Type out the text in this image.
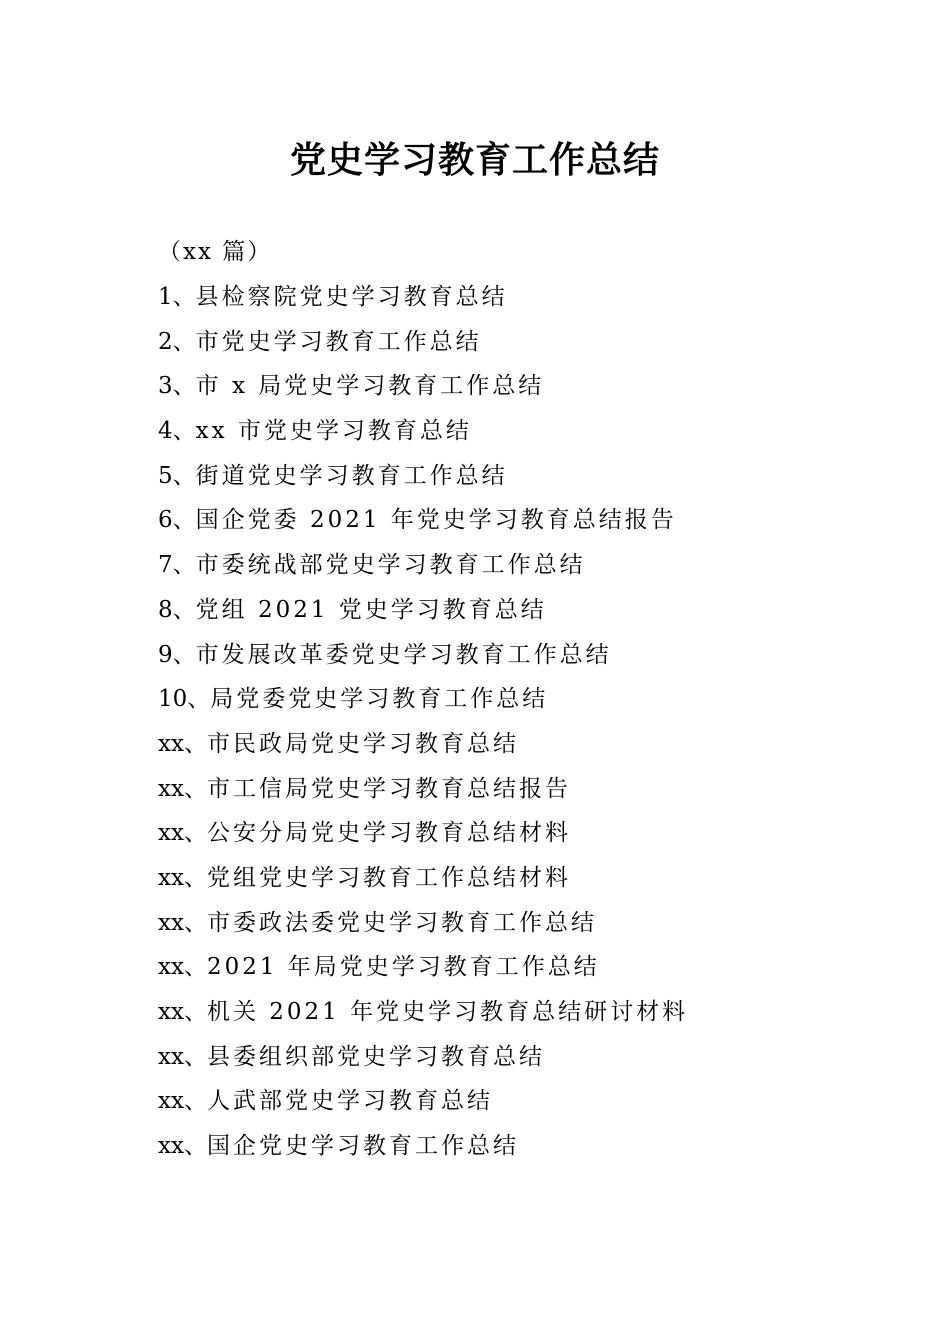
党史学习教育工作总结

（xx 篇）

1、县检察院党史学习教育总结
2、市党史学习教育工作总结
3、市 x 局党史学习教育工作总结
4、xx 市党史学习教育总结
5、街道党史学习教育工作总结
6、国企党委 2021 年党史学习教育总结报告
7、市委统战部党史学习教育工作总结
8、党组 2021 党史学习教育总结
9、市发展改革委党史学习教育工作总结
10、局党委党史学习教育工作总结
xx、市民政局党史学习教育总结
xx、市工信局党史学习教育总结报告
xx、公安分局党史学习教育总结材料
xx、党组党史学习教育工作总结材料
xx、市委政法委党史学习教育工作总结
xx、2021 年局党史学习教育工作总结
xx、机关 2021 年党史学习教育总结研讨材料
xx、县委组织部党史学习教育总结
xx、人武部党史学习教育总结
xx、国企党史学习教育工作总结
